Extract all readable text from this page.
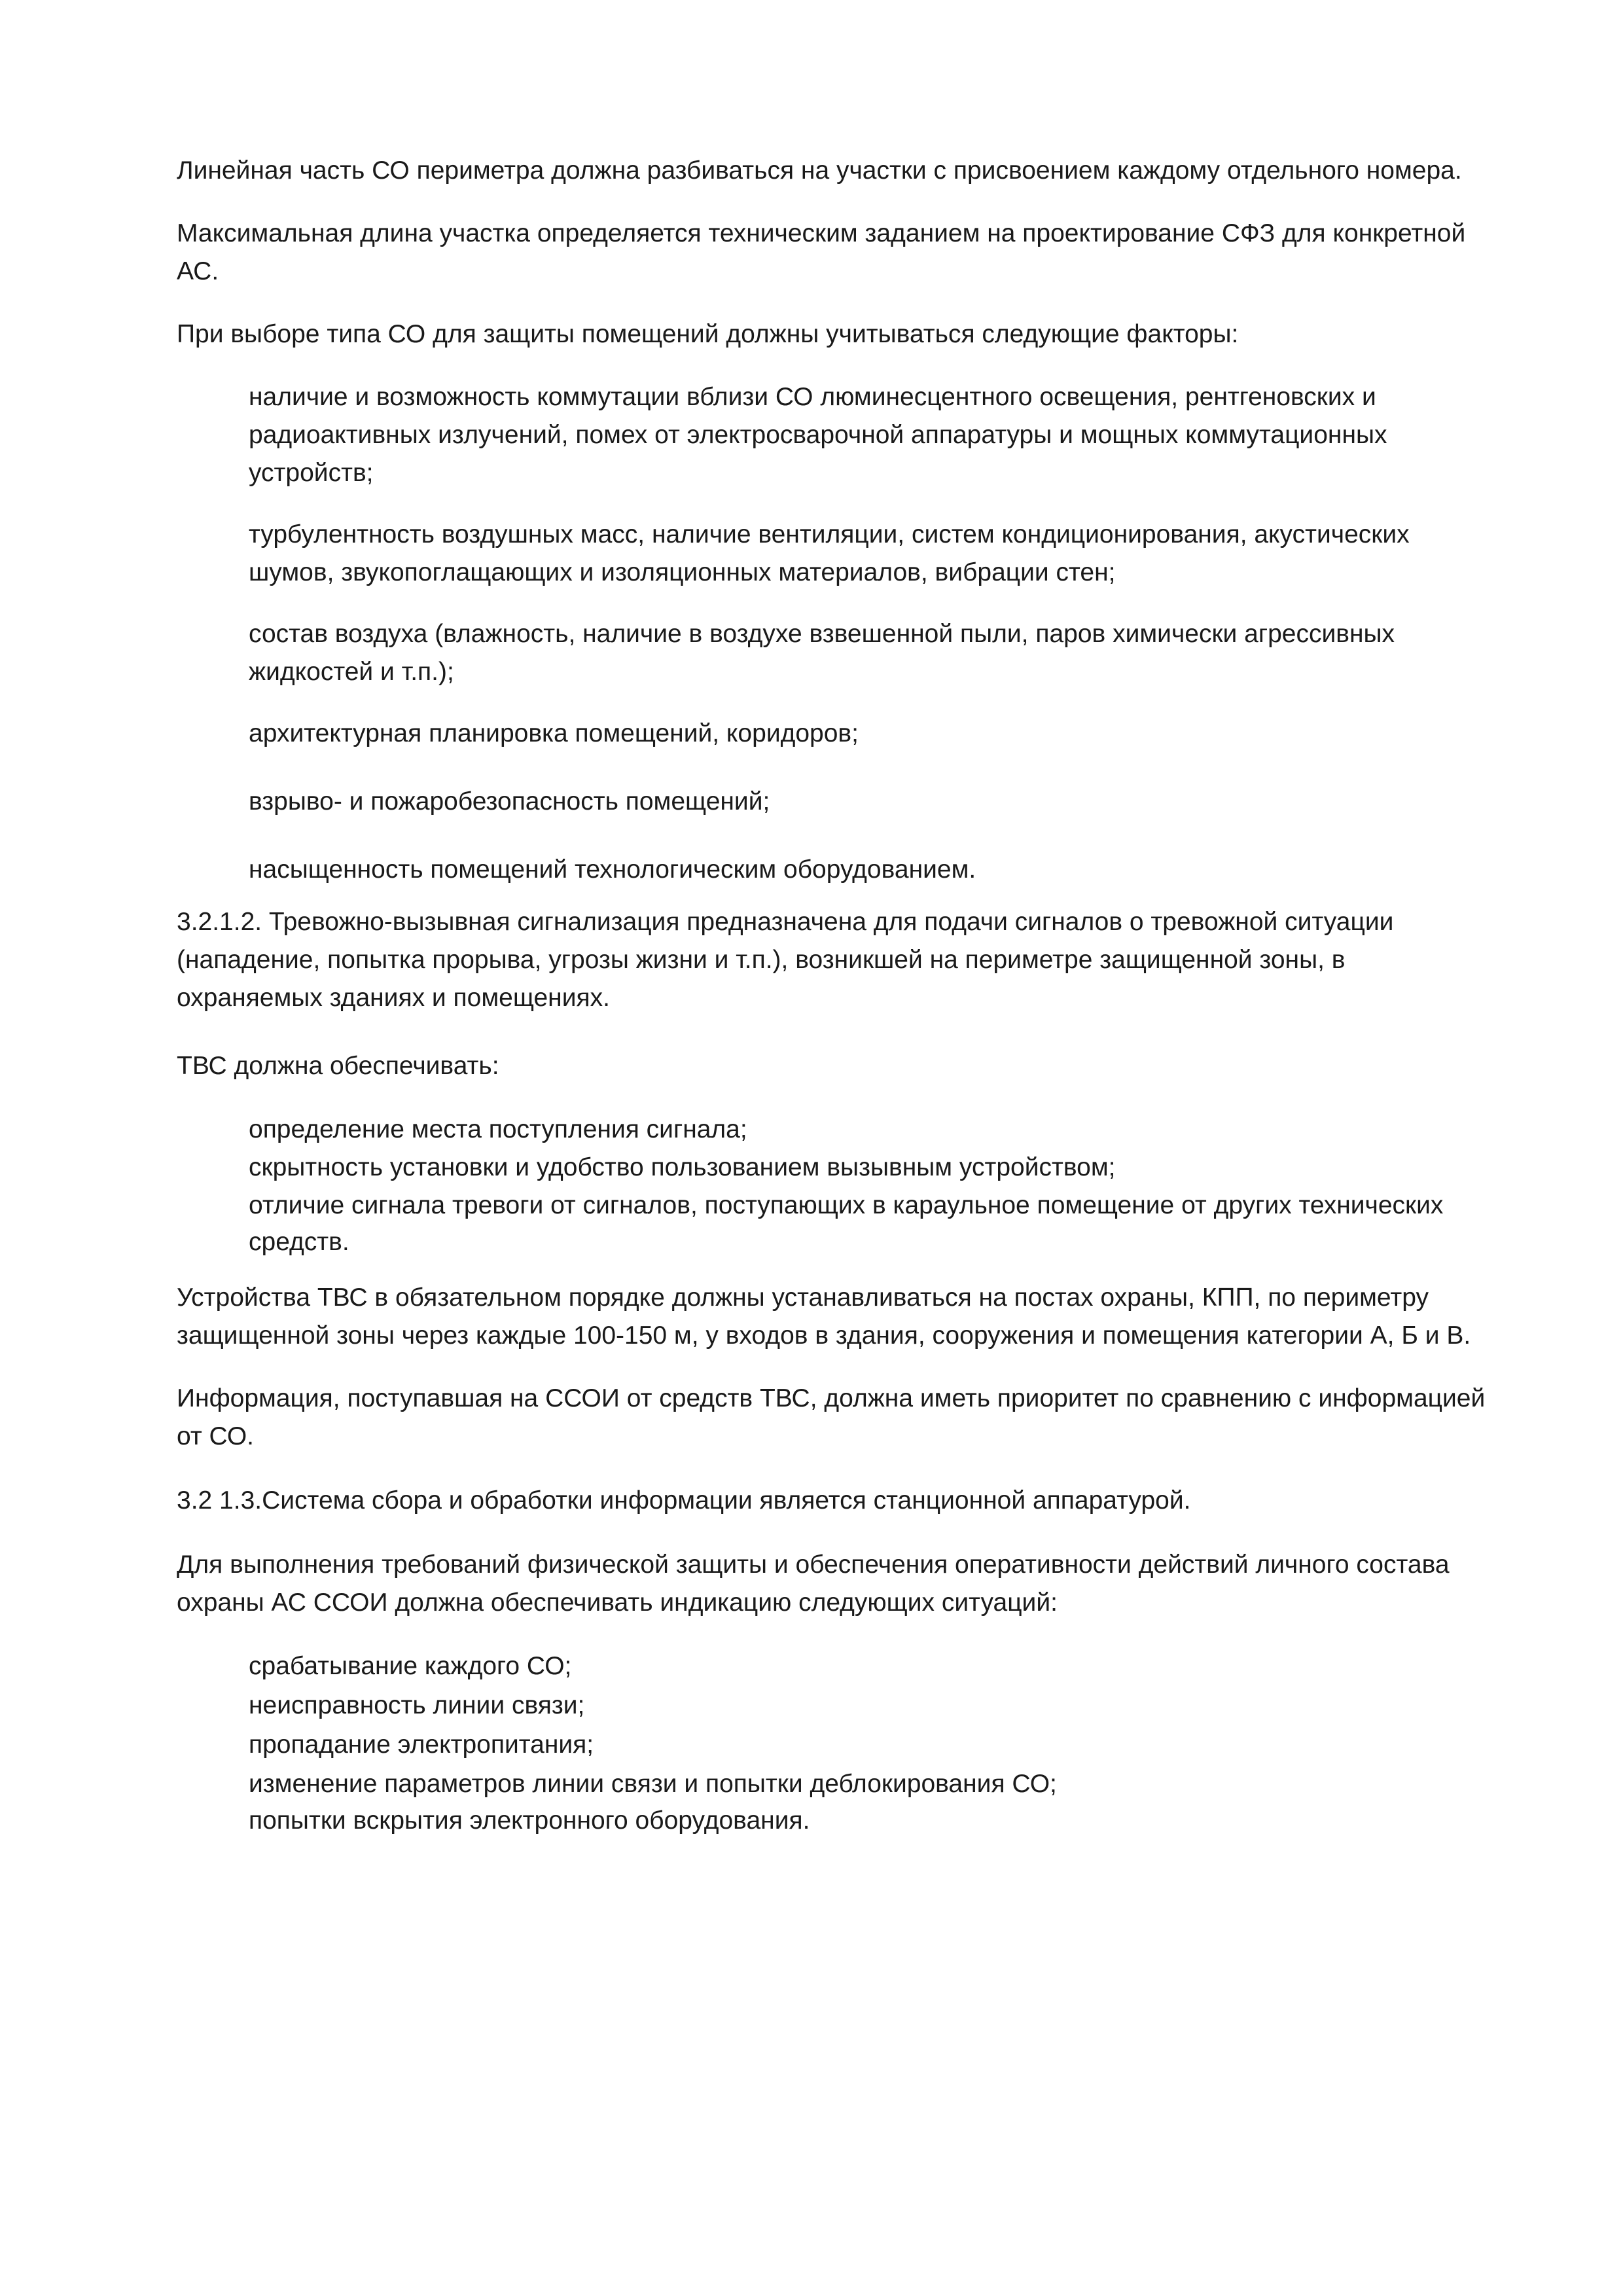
Линейная часть СО периметра должна разбиваться на участки с присвоением каждому отдельного номера.

Максимальная длина участка определяется техническим заданием на проектирование СФЗ для конкретной АС.

При выборе типа СО для защиты помещений должны учитываться следующие факторы:

наличие и возможность коммутации вблизи СО люминесцентного освещения, рентгеновских и радиоактивных излучений, помех от электросварочной аппаратуры и мощных коммутационных устройств;

турбулентность воздушных масс, наличие вентиляции, систем кондиционирования, акустических шумов, звукопоглащающих и изоляционных материалов, вибрации стен;

состав воздуха (влажность, наличие в воздухе взвешенной пыли, паров химически агрессивных жидкостей и т.п.);

архитектурная планировка помещений, коридоров;

взрыво- и пожаробезопасность помещений;

насыщенность помещений технологическим оборудованием.

3.2.1.2. Тревожно-вызывная сигнализация предназначена для подачи сигналов о тревожной ситуации (нападение, попытка прорыва, угрозы жизни и т.п.), возникшей на периметре защищенной зоны, в охраняемых зданиях и помещениях.

ТВС должна обеспечивать:

определение места поступления сигнала;

скрытность установки и удобство пользованием вызывным устройством;

отличие сигнала тревоги от сигналов, поступающих в караульное помещение от других технических средств.

Устройства ТВС в обязательном порядке должны устанавливаться на постах охраны, КПП, по периметру защищенной зоны через каждые 100-150 м, у входов в здания, сооружения и помещения категории А, Б и В.

Информация, поступавшая на ССОИ от средств ТВС, должна иметь приоритет по сравнению с информацией от СО.

3.2 1.3.Система сбора и обработки информации является станционной аппаратурой.

Для выполнения требований физической защиты и обеспечения оперативности действий личного состава охраны АС ССОИ должна обеспечивать индикацию следующих ситуаций:

срабатывание каждого СО;

неисправность линии связи;

пропадание электропитания;

изменение параметров линии связи и попытки деблокирования СО;

попытки вскрытия электронного оборудования.
